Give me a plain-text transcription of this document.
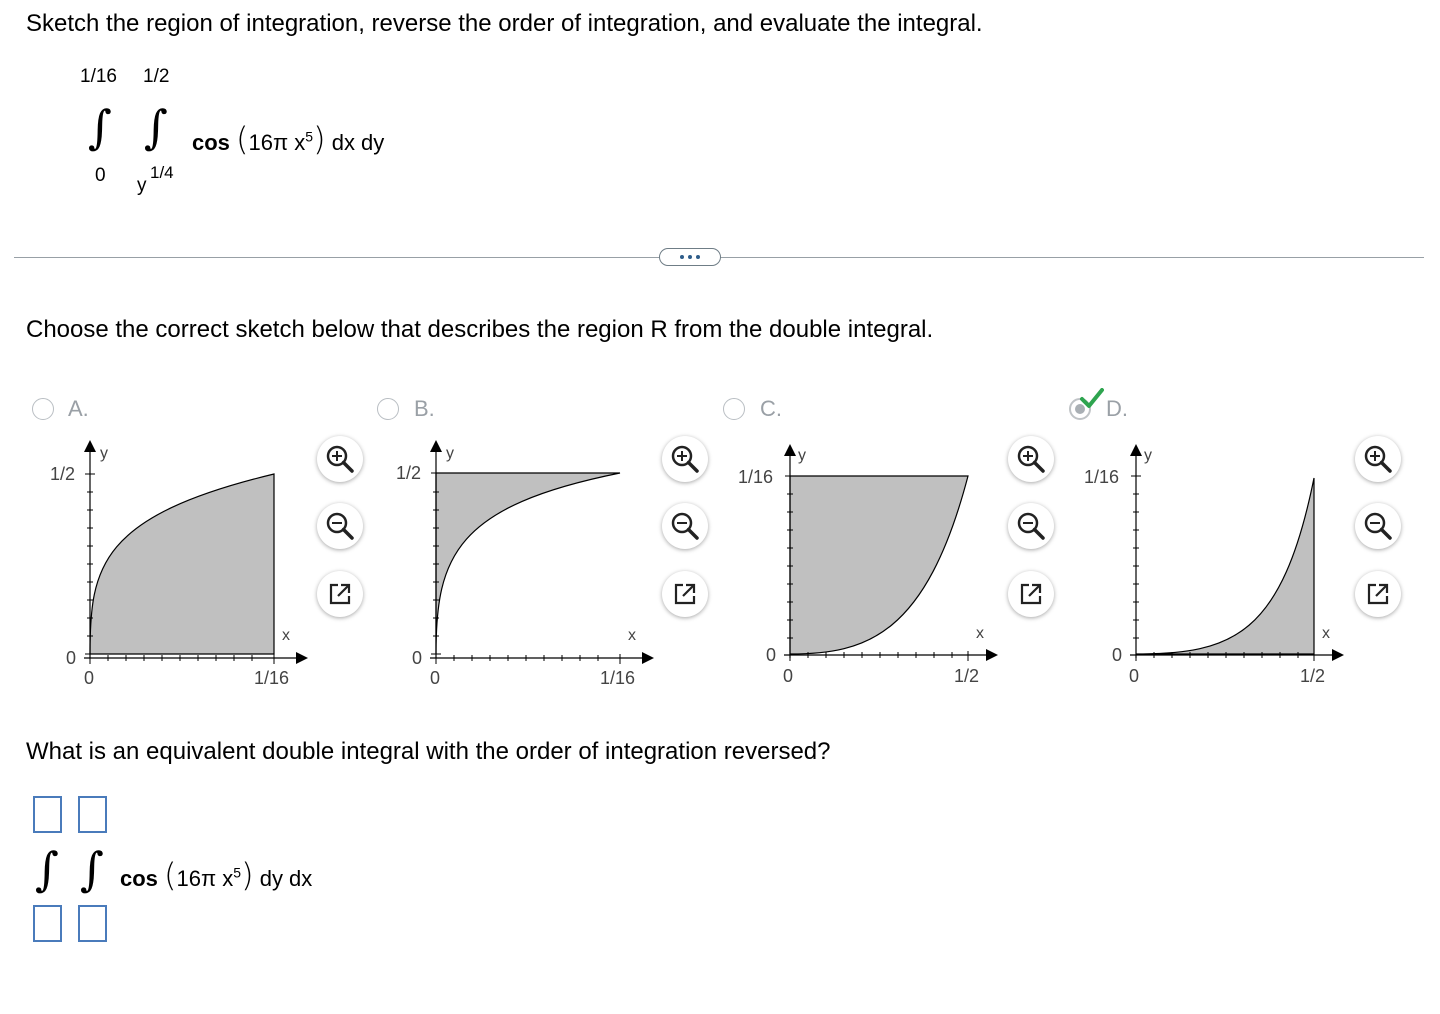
Sketch the region of integration, reverse the order of integration, and evaluate the integral.
1/16 1/2
∫ ∫
0 y
1/4
cos (16π $x^5$) dx dy
Choose the correct sketch below that describes the region R from the double integral.
A.
y
x
1/2
0
0	1/16
B.
y
x
1/2
0
0	1/16
C.
y
x
1/16
0
0	1/2
D.
y
x
1/16
0
0	1/2
What is an equivalent double integral with the order of integration reversed?
∫ ∫ cos (16π $x^5$) dy dx
